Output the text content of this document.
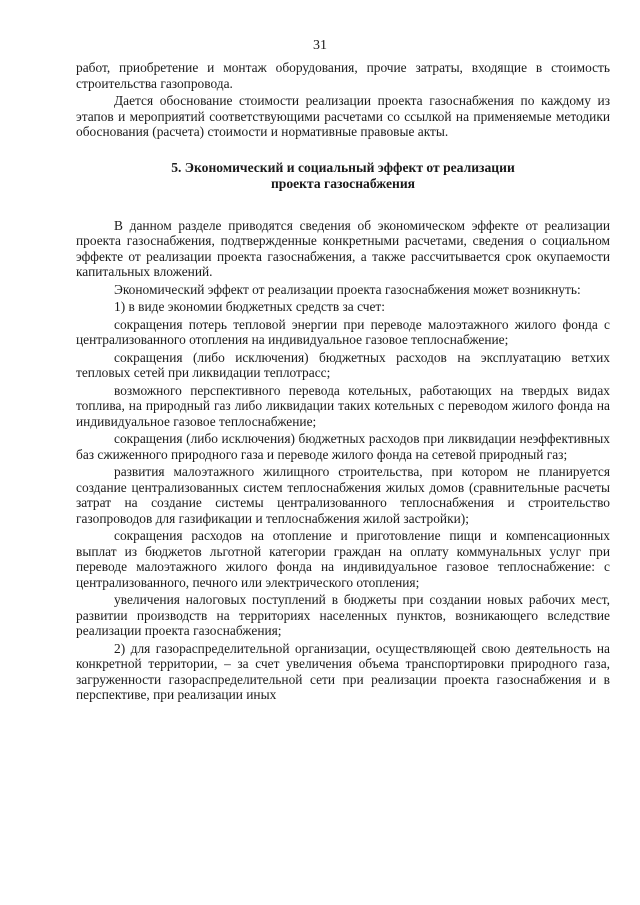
31

работ, приобретение и монтаж оборудования, прочие затраты, входящие в стоимость строительства газопровода.

Дается обоснование стоимости реализации проекта газоснабжения по каждому из этапов и мероприятий соответствующими расчетами со ссылкой на применяемые методики обоснования (расчета) стоимости и нормативные правовые акты.

5. Экономический и социальный эффект от реализации
проекта газоснабжения

В данном разделе приводятся сведения об экономическом эффекте от реализации проекта газоснабжения, подтвержденные конкретными расчетами, сведения о социальном эффекте от реализации проекта газоснабжения, а также рассчитывается срок окупаемости капитальных вложений.

Экономический эффект от реализации проекта газоснабжения может возникнуть:

1) в виде экономии бюджетных средств за счет:

сокращения потерь тепловой энергии при переводе малоэтажного жилого фонда с централизованного отопления на индивидуальное газовое теплоснабжение;

сокращения (либо исключения) бюджетных расходов на эксплуатацию ветхих тепловых сетей при ликвидации теплотрасс;

возможного перспективного перевода котельных, работающих на твердых видах топлива, на природный газ либо ликвидации таких котельных с переводом жилого фонда на индивидуальное газовое теплоснабжение;

сокращения (либо исключения) бюджетных расходов при ликвидации неэффективных баз сжиженного природного газа и переводе жилого фонда на сетевой природный газ;

развития малоэтажного жилищного строительства, при котором не планируется создание централизованных систем теплоснабжения жилых домов (сравнительные расчеты затрат на создание системы централизованного теплоснабжения и строительство газопроводов для газификации и теплоснабжения жилой застройки);

сокращения расходов на отопление и приготовление пищи и компенсационных выплат из бюджетов льготной категории граждан на оплату коммунальных услуг при переводе малоэтажного жилого фонда на индивидуальное газовое теплоснабжение: с централизованного, печного или электрического отопления;

увеличения налоговых поступлений в бюджеты при создании новых рабочих мест, развитии производств на территориях населенных пунктов, возникающего вследствие реализации проекта газоснабжения;

2) для газораспределительной организации, осуществляющей свою деятельность на конкретной территории, – за счет увеличения объема транспортировки природного газа, загруженности газораспределительной сети при реализации проекта газоснабжения и в перспективе, при реализации иных
